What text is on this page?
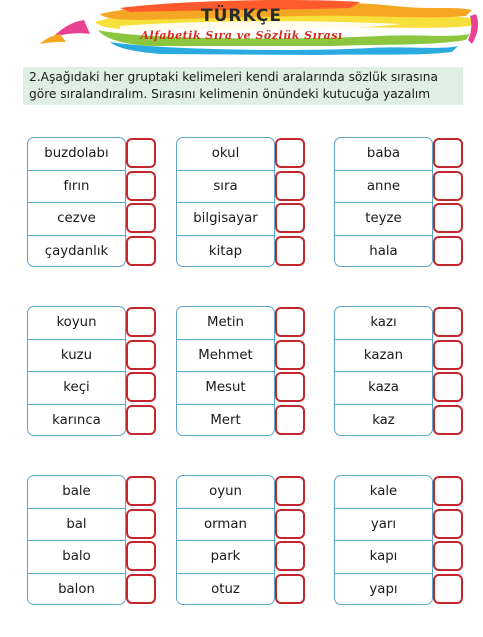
TÜRKÇE
Alfabetik Sıra ve Sözlük Sırası
2.Aşağıdaki her gruptaki kelimeleri kendi aralarında sözlük sırasına
göre sıralandıralım. Sırasını kelimenin önündeki kutucuğa yazalım
buzdolabı
fırın
cezve
çaydanlık
okul
sıra
bilgisayar
kitap
baba
anne
teyze
hala
koyun
kuzu
keçi
karınca
Metin
Mehmet
Mesut
Mert
kazı
kazan
kaza
kaz
bale
bal
balo
balon
oyun
orman
park
otuz
kale
yarı
kapı
yapı
